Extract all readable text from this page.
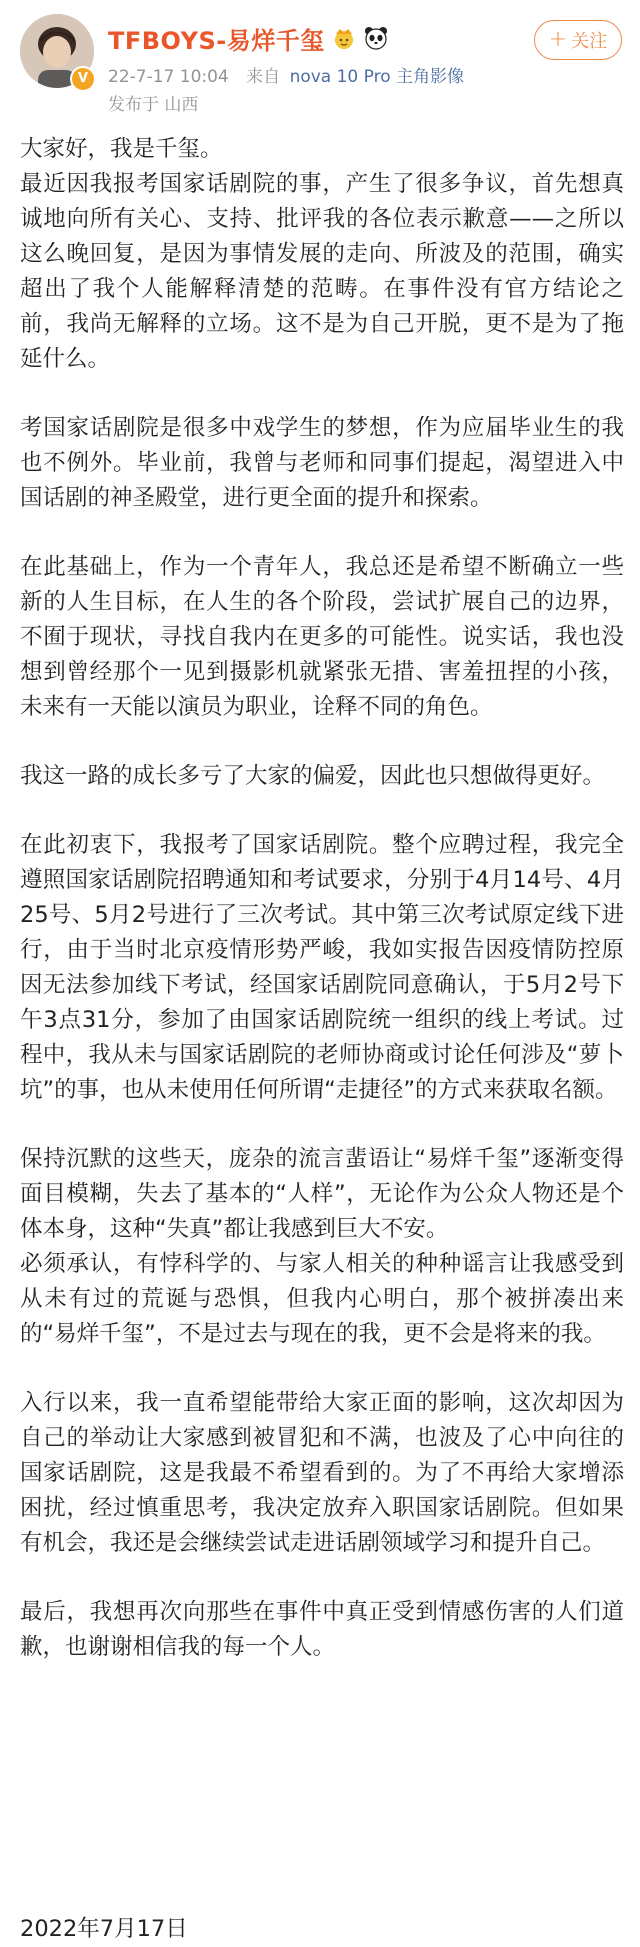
V
TFBOYS-易烊千玺
22-7-17 10:04 来自 nova 10 Pro 主角影像
发布于 山西
+ 关注

大家好，我是千玺。
最近因我报考国家话剧院的事，产生了很多争议，首先想真诚地向所有关心、支持、批评我的各位表示歉意——之所以这么晚回复，是因为事情发展的走向、所波及的范围，确实超出了我个人能解释清楚的范畴。在事件没有官方结论之前，我尚无解释的立场。这不是为自己开脱，更不是为了拖延什么。

考国家话剧院是很多中戏学生的梦想，作为应届毕业生的我也不例外。毕业前，我曾与老师和同事们提起，渴望进入中国话剧的神圣殿堂，进行更全面的提升和探索。

在此基础上，作为一个青年人，我总还是希望不断确立一些新的人生目标，在人生的各个阶段，尝试扩展自己的边界，不囿于现状，寻找自我内在更多的可能性。说实话，我也没想到曾经那个一见到摄影机就紧张无措、害羞扭捏的小孩，未来有一天能以演员为职业，诠释不同的角色。

我这一路的成长多亏了大家的偏爱，因此也只想做得更好。

在此初衷下，我报考了国家话剧院。整个应聘过程，我完全遵照国家话剧院招聘通知和考试要求，分别于4月14号、4月25号、5月2号进行了三次考试。其中第三次考试原定线下进行，由于当时北京疫情形势严峻，我如实报告因疫情防控原因无法参加线下考试，经国家话剧院同意确认，于5月2号下午3点31分，参加了由国家话剧院统一组织的线上考试。过程中，我从未与国家话剧院的老师协商或讨论任何涉及“萝卜坑”的事，也从未使用任何所谓“走捷径”的方式来获取名额。

保持沉默的这些天，庞杂的流言蜚语让“易烊千玺”逐渐变得面目模糊，失去了基本的“人样”，无论作为公众人物还是个体本身，这种“失真”都让我感到巨大不安。
必须承认，有悖科学的、与家人相关的种种谣言让我感受到从未有过的荒诞与恐惧，但我内心明白，那个被拼凑出来的“易烊千玺”，不是过去与现在的我，更不会是将来的我。

入行以来，我一直希望能带给大家正面的影响，这次却因为自己的举动让大家感到被冒犯和不满，也波及了心中向往的国家话剧院，这是我最不希望看到的。为了不再给大家增添困扰，经过慎重思考，我决定放弃入职国家话剧院。但如果有机会，我还是会继续尝试走进话剧领域学习和提升自己。

最后，我想再次向那些在事件中真正受到情感伤害的人们道歉，也谢谢相信我的每一个人。

2022年7月17日
